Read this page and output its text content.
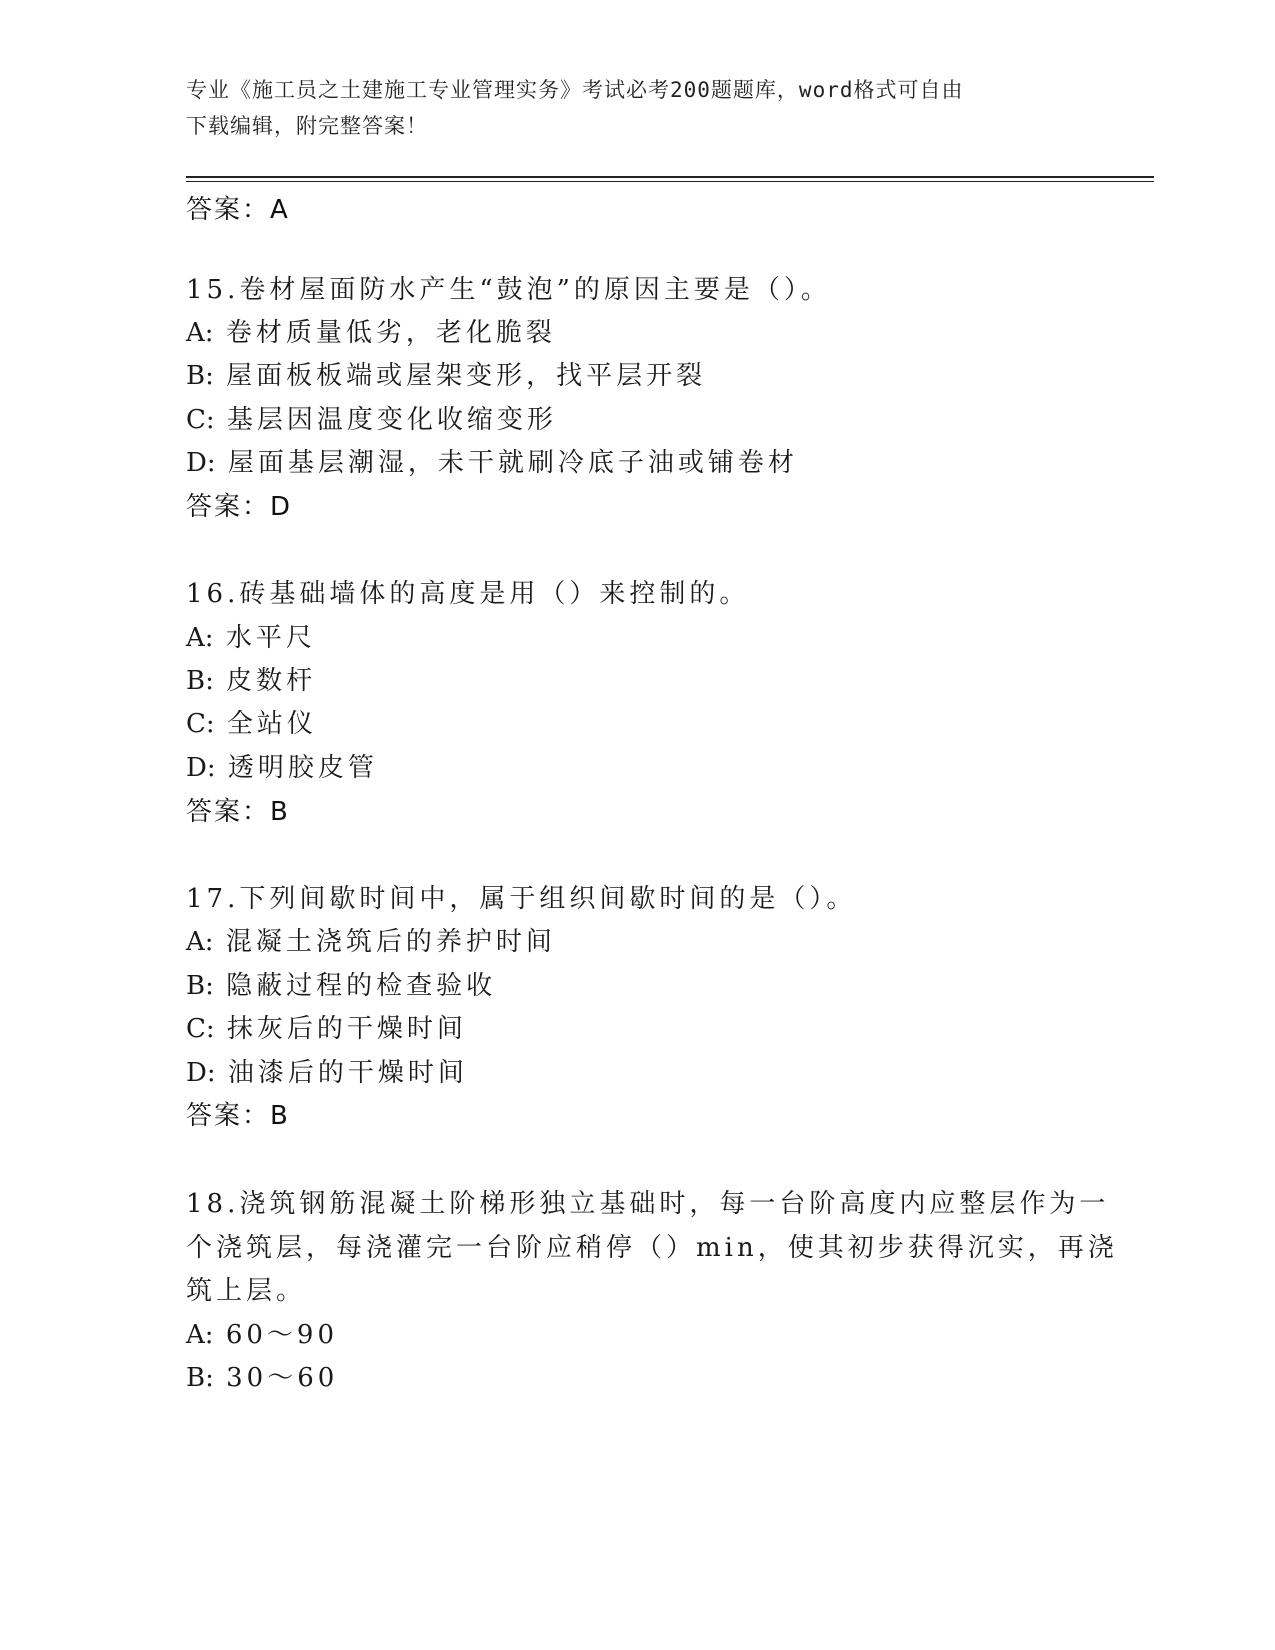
专业《施工员之土建施工专业管理实务》考试必考200题题库，word格式可自由
下载编辑，附完整答案！
答案：A
15.卷材屋面防水产生“鼓泡”的原因主要是（）。
A: 卷材质量低劣，老化脆裂
B: 屋面板板端或屋架变形，找平层开裂
C: 基层因温度变化收缩变形
D: 屋面基层潮湿，未干就刷冷底子油或铺卷材
答案：D
16.砖基础墙体的高度是用（）来控制的。
A: 水平尺
B: 皮数杆
C: 全站仪
D: 透明胶皮管
答案：B
17.下列间歇时间中，属于组织间歇时间的是（）。
A: 混凝土浇筑后的养护时间
B: 隐蔽过程的检查验收
C: 抹灰后的干燥时间
D: 油漆后的干燥时间
答案：B
18.浇筑钢筋混凝土阶梯形独立基础时，每一台阶高度内应整层作为一
个浇筑层，每浇灌完一台阶应稍停（）min，使其初步获得沉实，再浇
筑上层。
A: 60～90
B: 30～60
